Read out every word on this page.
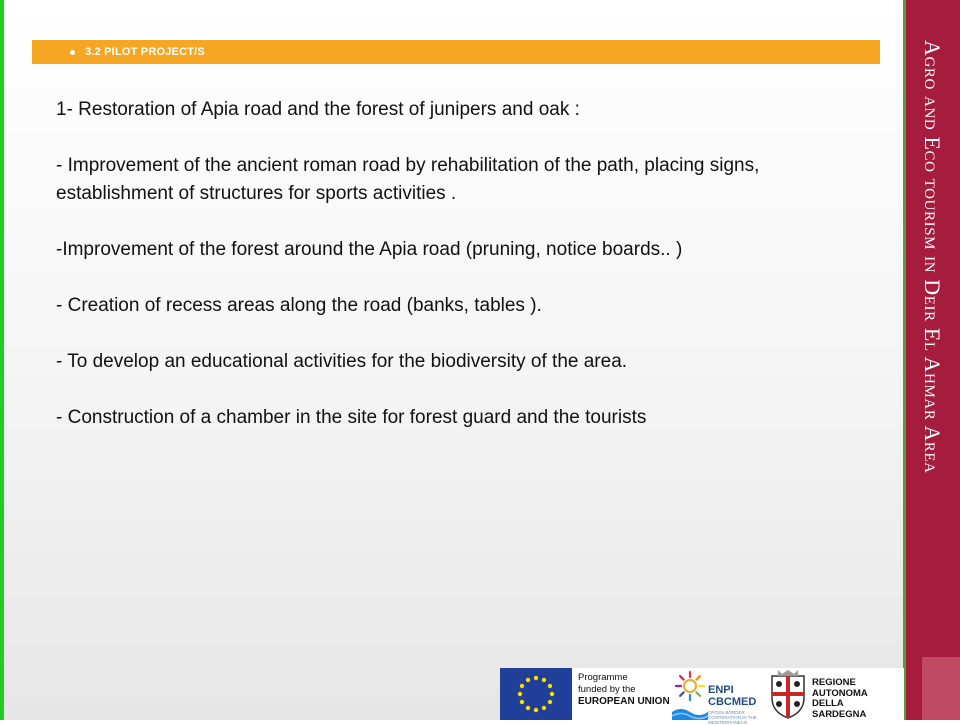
3.2 PILOT PROJECT/S

1- Restoration of Apia road and the forest of junipers and oak :

- Improvement of the ancient roman road by rehabilitation of the path, placing signs, establishment of structures for sports activities .

-Improvement of the forest around the Apia road (pruning, notice boards.. )

- Creation of recess areas along the road (banks, tables ).

- To develop an educational activities for the biodiversity of the area.

- Construction of a chamber in the site for forest guard and the tourists	Agro and Eco tourism in Deir El Ahmar Area
Programme
funded by the
EUROPEAN UNION
ENPI
CBCMED
CROSS-BORDER COOPERATION IN THE MEDITERRANEAN
REGIONE
AUTONOMA
DELLA SARDEGNA
